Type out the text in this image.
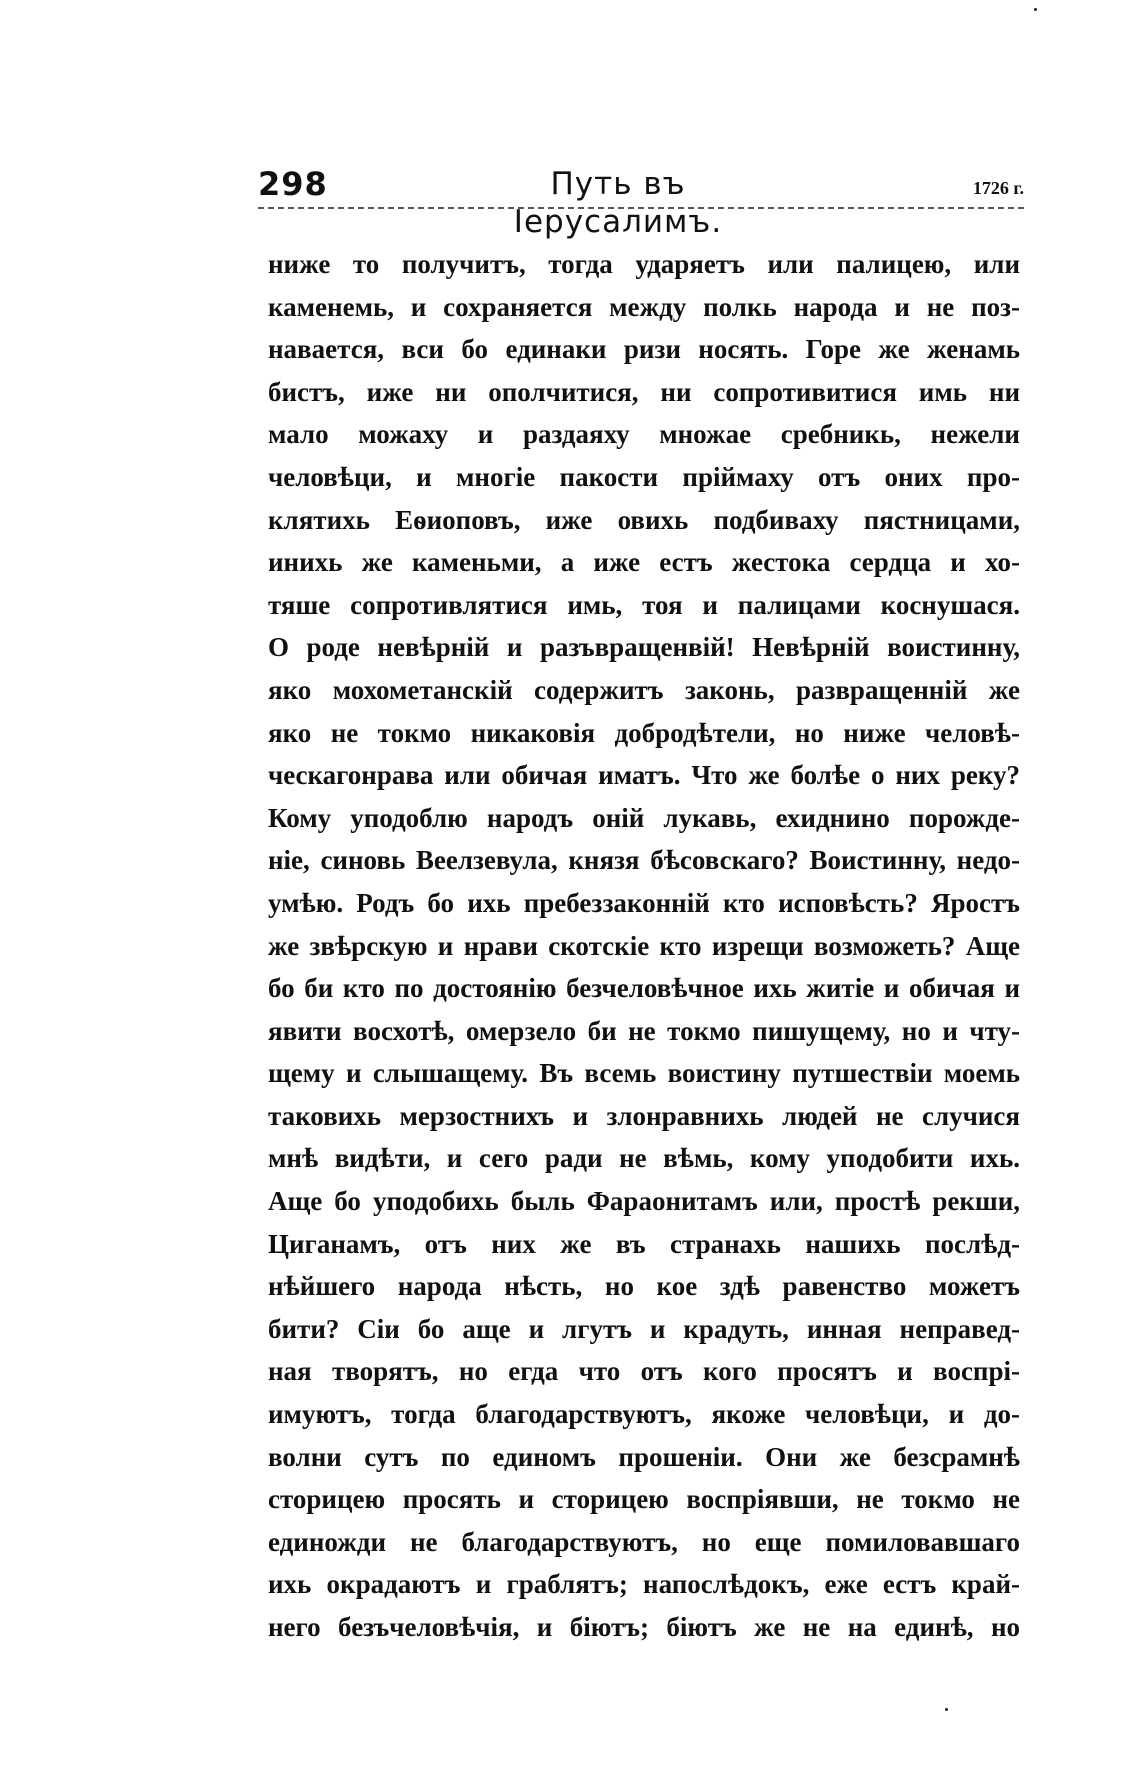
298	Путь въ Іерусалимъ.
1726 г.
ниже то получитъ, тогда ударяетъ или палицею, или
каменемь, и сохраняется между полкь народа и не поз-
навается, вси бо единаки ризи носять. Горе же женамь
бистъ, иже ни ополчитися, ни сопротивитися имь ни
мало можаху и раздаяху множае сребникь, нежели
человѣци, и многіе пакости пріймаху отъ оних про-
клятихь Еѳиоповъ, иже овихь подбиваху пястницами,
иниxь же каменьми, а иже естъ жестока сердца и хо-
тяше сопротивлятися имь, тоя и палицами коснушася.
О роде невѣрній и разъвращенвій! Невѣрній воистинну,
яко мохометанскій содержитъ законь, развращенній же
яко не токмо никаковія добродѣтели, но ниже человѣ-
ческагонрава или обичая иматъ. Что же болѣе о них реку?
Кому уподоблю народъ оній лукавь, ехиднино порожде-
ніе, синовь Веелзевула, князя бѣсовскаго? Воистинну, недо-
умѣю. Родъ бо ихь пребеззаконній кто исповѣсть? Яростъ
же звѣрскую и нрави скотскіе кто изрещи возможеть? Аще
бо би кто по достоянію безчеловѣчное ихь житіе и обичая и
явити восхотѣ, омерзело би не токмо пишущему, но и чту-
щему и слышащему. Въ всемь воистину путшествіи моемь
таковихь мерзостнихъ и злонравнихь людей не случися
мнѣ видѣти, и сего ради не вѣмь, кому уподобити ихь.
Аще бо уподобихь быль Фараонитамъ или, простѣ рекши,
Циганамъ, отъ них же въ странахь нашихь послѣд-
нѣйшего народа нѣсть, но кое здѣ равенство можетъ
бити? Сіи бо аще и лгутъ и крадуть, инная неправед-
ная творятъ, но егда что отъ кого просятъ и воспрі-
имуютъ, тогда благодарствуютъ, якоже человѣци, и до-
волни сутъ по единомъ прошеніи. Они же безсрамнѣ
сторицею просять и сторицею воспріявши, не токмо не
единожди не благодарствуютъ, но еще помиловавшаго
ихь окрадаютъ и граблятъ; напослѣдокъ, еже естъ край-
него безъчеловѣчія, и біютъ; біютъ же не на единѣ, но
